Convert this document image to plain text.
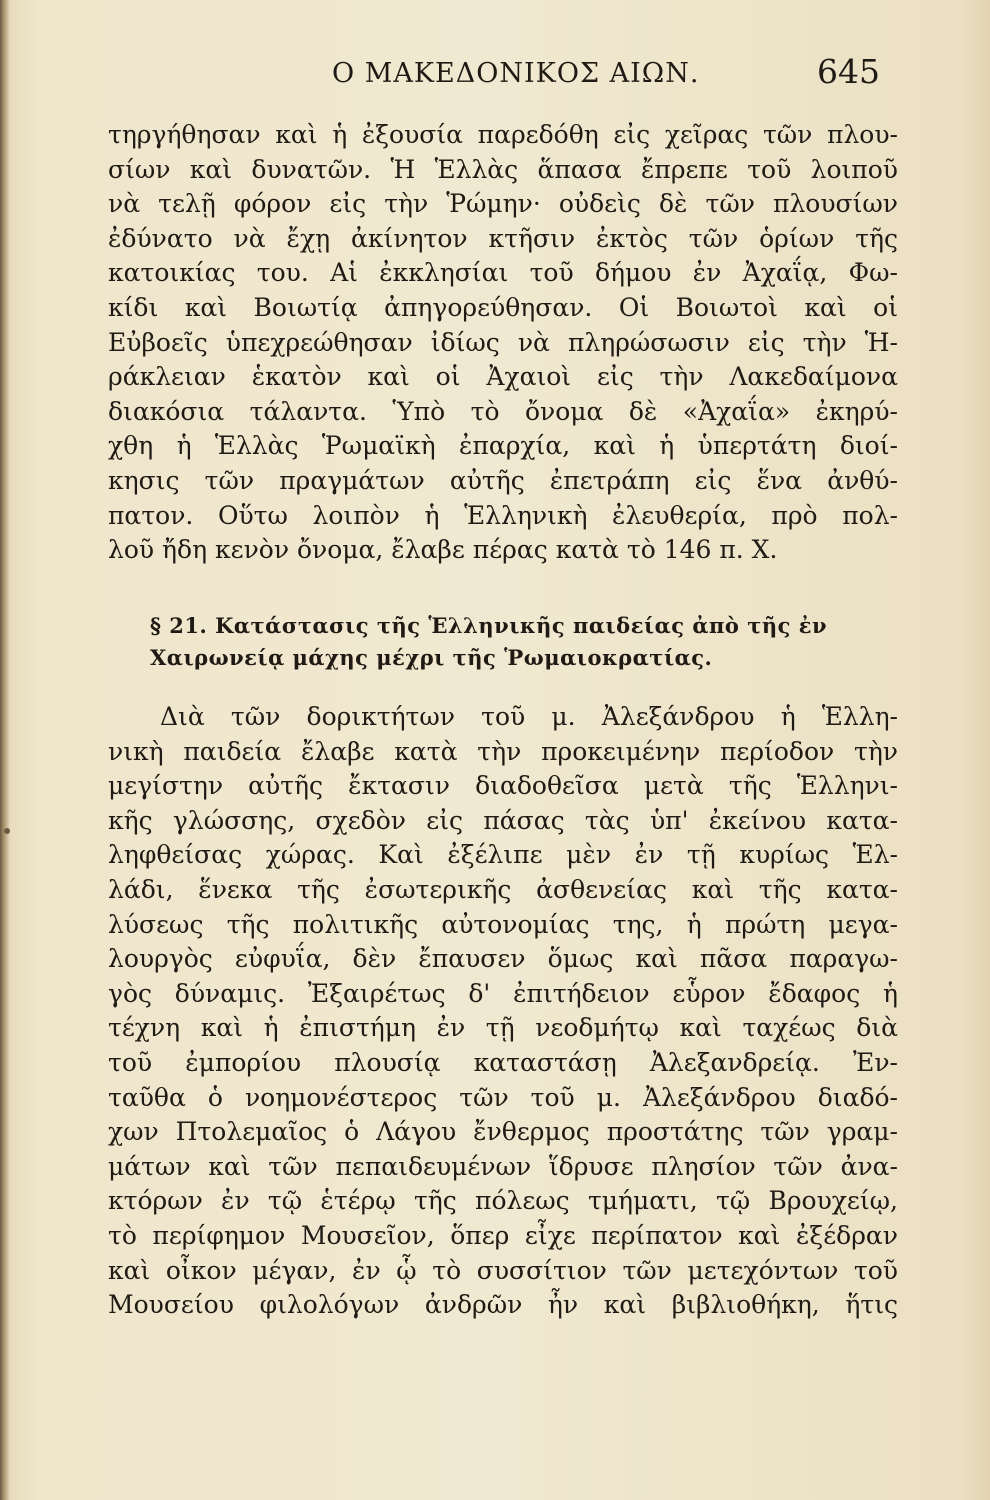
Ο ΜΑΚΕΔΟΝΙΚΟΣ ΑΙΩΝ.	645
τηργήθησαν καὶ ἡ ἐξουσία παρεδόθη εἰς χεῖρας τῶν πλου-
σίων καὶ δυνατῶν. Ἡ Ἑλλὰς ἅπασα ἔπρεπε τοῦ λοιποῦ
νὰ τελῇ φόρον εἰς τὴν Ῥώμην· οὐδεὶς δὲ τῶν πλουσίων
ἐδύνατο νὰ ἔχῃ ἀκίνητον κτῆσιν ἐκτὸς τῶν ὁρίων τῆς
κατοικίας του. Αἱ ἐκκλησίαι τοῦ δήμου ἐν Ἀχαΐᾳ, Φω-
κίδι καὶ Βοιωτίᾳ ἀπηγορεύθησαν. Οἱ Βοιωτοὶ καὶ οἱ
Εὐβοεῖς ὑπεχρεώθησαν ἰδίως νὰ πληρώσωσιν εἰς τὴν Ἡ-
ράκλειαν ἑκατὸν καὶ οἱ Ἀχαιοὶ εἰς τὴν Λακεδαίμονα
διακόσια τάλαντα. Ὑπὸ τὸ ὄνομα δὲ «Ἀχαΐα» ἐκηρύ-
χθη ἡ Ἑλλὰς Ῥωμαϊκὴ ἐπαρχία, καὶ ἡ ὑπερτάτη διοί-
κησις τῶν πραγμάτων αὐτῆς ἐπετράπη εἰς ἕνα ἀνθύ-
πατον. Οὕτω λοιπὸν ἡ Ἑλληνικὴ ἐλευθερία, πρὸ πολ-
λοῦ ἤδη κενὸν ὄνομα, ἔλαβε πέρας κατὰ τὸ 146 π. Χ.
§ 21. Κατάστασις τῆς Ἑλληνικῆς παιδείας ἀπὸ τῆς ἐν
Χαιρωνείᾳ μάχης μέχρι τῆς Ῥωμαιοκρατίας.
Διὰ τῶν δορικτήτων τοῦ μ. Ἀλεξάνδρου ἡ Ἑλλη-
νικὴ παιδεία ἔλαβε κατὰ τὴν προκειμένην περίοδον τὴν
μεγίστην αὐτῆς ἔκτασιν διαδοθεῖσα μετὰ τῆς Ἑλληνι-
κῆς γλώσσης, σχεδὸν εἰς πάσας τὰς ὑπ' ἐκείνου κατα-
ληφθείσας χώρας. Καὶ ἐξέλιπε μὲν ἐν τῇ κυρίως Ἑλ-
λάδι, ἕνεκα τῆς ἐσωτερικῆς ἀσθενείας καὶ τῆς κατα-
λύσεως τῆς πολιτικῆς αὐτονομίας της, ἡ πρώτη μεγα-
λουργὸς εὐφυΐα, δὲν ἔπαυσεν ὅμως καὶ πᾶσα παραγω-
γὸς δύναμις. Ἐξαιρέτως δ' ἐπιτήδειον εὗρον ἔδαφος ἡ
τέχνη καὶ ἡ ἐπιστήμη ἐν τῇ νεοδμήτῳ καὶ ταχέως διὰ
τοῦ ἐμπορίου πλουσίᾳ καταστάσῃ Ἀλεξανδρείᾳ. Ἐν-
ταῦθα ὁ νοημονέστερος τῶν τοῦ μ. Ἀλεξάνδρου διαδό-
χων Πτολεμαῖος ὁ Λάγου ἔνθερμος προστάτης τῶν γραμ-
μάτων καὶ τῶν πεπαιδευμένων ἵδρυσε πλησίον τῶν ἀνα-
κτόρων ἐν τῷ ἑτέρῳ τῆς πόλεως τμήματι, τῷ Βρουχείῳ,
τὸ περίφημον Μουσεῖον, ὅπερ εἶχε περίπατον καὶ ἐξέδραν
καὶ οἶκον μέγαν, ἐν ᾧ τὸ συσσίτιον τῶν μετεχόντων τοῦ
Μουσείου φιλολόγων ἀνδρῶν ἦν καὶ βιβλιοθήκη, ἥτις
